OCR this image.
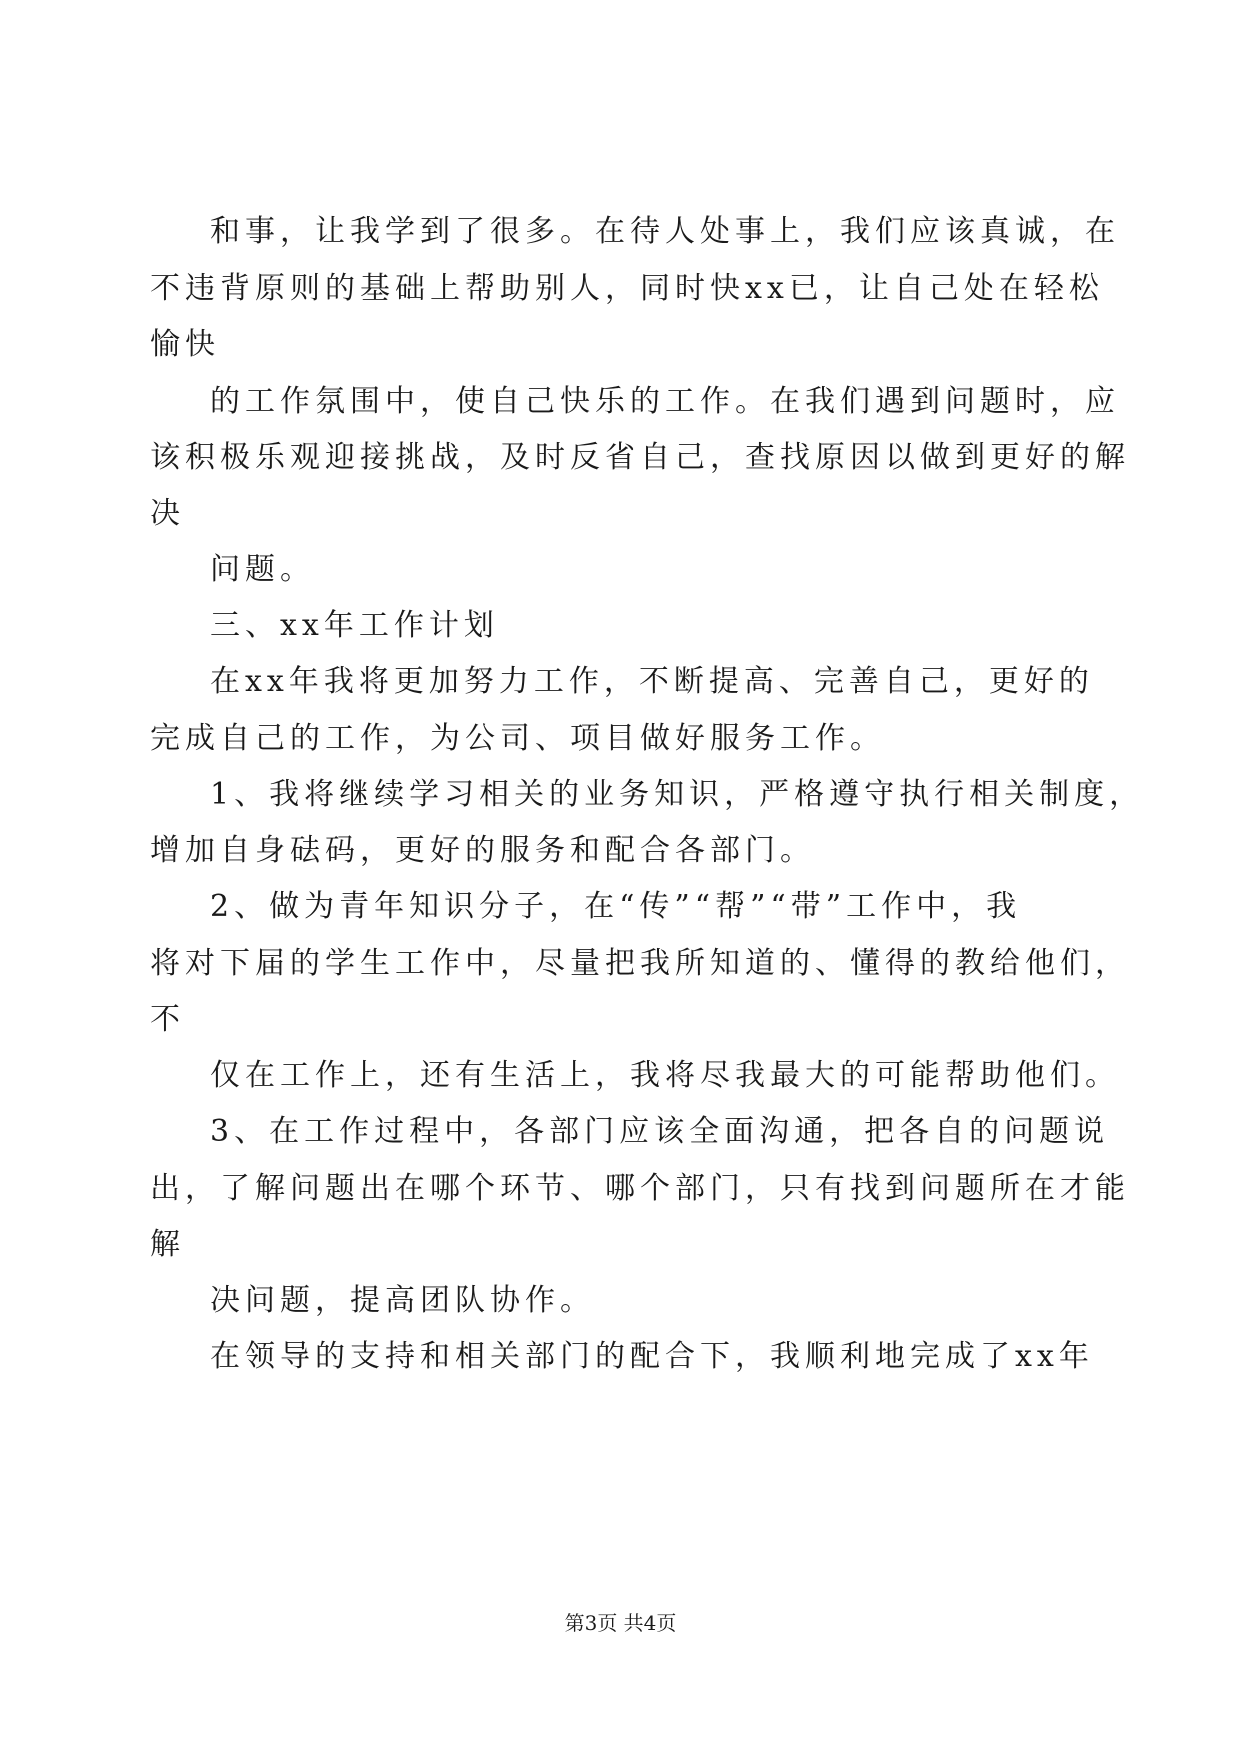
和事，让我学到了很多。在待人处事上，我们应该真诚，在
不违背原则的基础上帮助别人，同时快xx已，让自己处在轻松
愉快
的工作氛围中，使自己快乐的工作。在我们遇到问题时，应
该积极乐观迎接挑战，及时反省自己，查找原因以做到更好的解
决
问题。
三、xx年工作计划
在xx年我将更加努力工作，不断提高、完善自己，更好的
完成自己的工作，为公司、项目做好服务工作。
1、我将继续学习相关的业务知识，严格遵守执行相关制度，
增加自身砝码，更好的服务和配合各部门。
2、做为青年知识分子，在“传”“帮”“带”工作中，我
将对下届的学生工作中，尽量把我所知道的、懂得的教给他们，
不
仅在工作上，还有生活上，我将尽我最大的可能帮助他们。
3、在工作过程中，各部门应该全面沟通，把各自的问题说
出，了解问题出在哪个环节、哪个部门，只有找到问题所在才能
解
决问题，提高团队协作。
在领导的支持和相关部门的配合下，我顺利地完成了xx年
第3页 共4页
